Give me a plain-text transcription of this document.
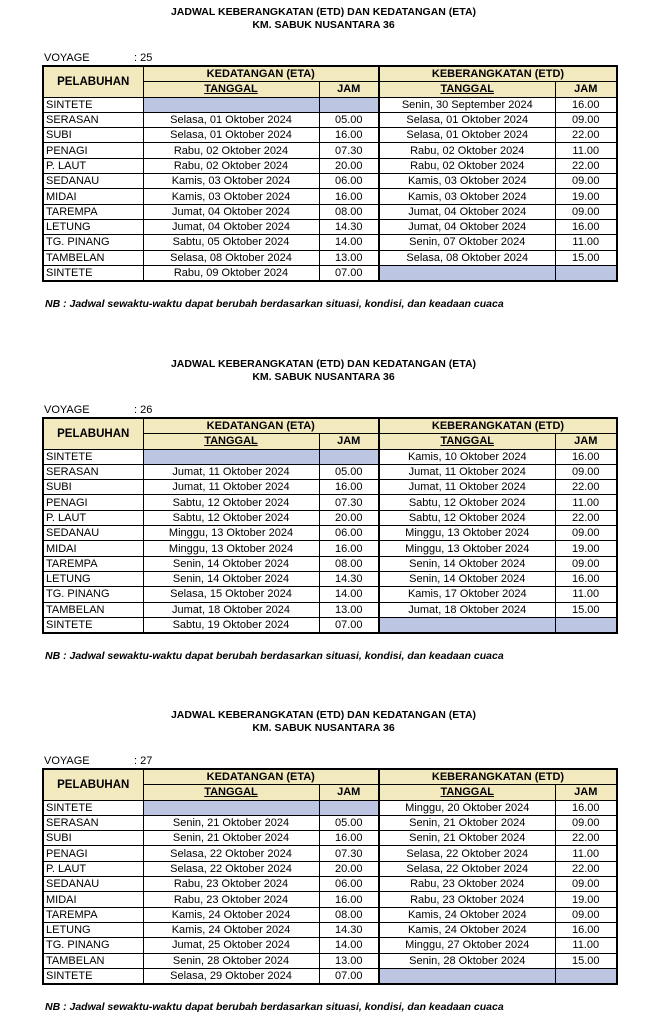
JADWAL KEBERANGKATAN (ETD) DAN KEDATANGAN (ETA)
KM. SABUK NUSANTARA 36
VOYAGE	: 25
PELABUHAN	KEDATANGAN (ETA)		KEBERANGKATAN (ETD)	
	TANGGAL	JAM	TANGGAL	JAM
SINTETE			Senin, 30 September 2024	16.00
SERASAN	Selasa, 01 Oktober 2024	05.00	Selasa, 01 Oktober 2024	09.00
SUBI	Selasa, 01 Oktober 2024	16.00	Selasa, 01 Oktober 2024	22.00
PENAGI	Rabu, 02 Oktober 2024	07.30	Rabu, 02 Oktober 2024	11.00
P. LAUT	Rabu, 02 Oktober 2024	20.00	Rabu, 02 Oktober 2024	22.00
SEDANAU	Kamis, 03 Oktober 2024	06.00	Kamis, 03 Oktober 2024	09.00
MIDAI	Kamis, 03 Oktober 2024	16.00	Kamis, 03 Oktober 2024	19.00
TAREMPA	Jumat, 04 Oktober 2024	08.00	Jumat, 04 Oktober 2024	09.00
LETUNG	Jumat, 04 Oktober 2024	14.30	Jumat, 04 Oktober 2024	16.00
TG. PINANG	Sabtu, 05 Oktober 2024	14.00	Senin, 07 Oktober 2024	11.00
TAMBELAN	Selasa, 08 Oktober 2024	13.00	Selasa, 08 Oktober 2024	15.00
SINTETE	Rabu, 09 Oktober 2024	07.00		
NB : Jadwal sewaktu-waktu dapat berubah berdasarkan situasi, kondisi, dan keadaan cuaca
JADWAL KEBERANGKATAN (ETD) DAN KEDATANGAN (ETA)
KM. SABUK NUSANTARA 36
VOYAGE	: 26
PELABUHAN	KEDATANGAN (ETA)		KEBERANGKATAN (ETD)	
	TANGGAL	JAM	TANGGAL	JAM
SINTETE			Kamis, 10 Oktober 2024	16.00
SERASAN	Jumat, 11 Oktober 2024	05.00	Jumat, 11 Oktober 2024	09.00
SUBI	Jumat, 11 Oktober 2024	16.00	Jumat, 11 Oktober 2024	22.00
PENAGI	Sabtu, 12 Oktober 2024	07.30	Sabtu, 12 Oktober 2024	11.00
P. LAUT	Sabtu, 12 Oktober 2024	20.00	Sabtu, 12 Oktober 2024	22.00
SEDANAU	Minggu, 13 Oktober 2024	06.00	Minggu, 13 Oktober 2024	09.00
MIDAI	Minggu, 13 Oktober 2024	16.00	Minggu, 13 Oktober 2024	19.00
TAREMPA	Senin, 14 Oktober 2024	08.00	Senin, 14 Oktober 2024	09.00
LETUNG	Senin, 14 Oktober 2024	14.30	Senin, 14 Oktober 2024	16.00
TG. PINANG	Selasa, 15 Oktober 2024	14.00	Kamis, 17 Oktober 2024	11.00
TAMBELAN	Jumat, 18 Oktober 2024	13.00	Jumat, 18 Oktober 2024	15.00
SINTETE	Sabtu, 19 Oktober 2024	07.00		
NB : Jadwal sewaktu-waktu dapat berubah berdasarkan situasi, kondisi, dan keadaan cuaca
JADWAL KEBERANGKATAN (ETD) DAN KEDATANGAN (ETA)
KM. SABUK NUSANTARA 36
VOYAGE	: 27
PELABUHAN	KEDATANGAN (ETA)		KEBERANGKATAN (ETD)	
	TANGGAL	JAM	TANGGAL	JAM
SINTETE			Minggu, 20 Oktober 2024	16.00
SERASAN	Senin, 21 Oktober 2024	05.00	Senin, 21 Oktober 2024	09.00
SUBI	Senin, 21 Oktober 2024	16.00	Senin, 21 Oktober 2024	22.00
PENAGI	Selasa, 22 Oktober 2024	07.30	Selasa, 22 Oktober 2024	11.00
P. LAUT	Selasa, 22 Oktober 2024	20.00	Selasa, 22 Oktober 2024	22.00
SEDANAU	Rabu, 23 Oktober 2024	06.00	Rabu, 23 Oktober 2024	09.00
MIDAI	Rabu, 23 Oktober 2024	16.00	Rabu, 23 Oktober 2024	19.00
TAREMPA	Kamis, 24 Oktober 2024	08.00	Kamis, 24 Oktober 2024	09.00
LETUNG	Kamis, 24 Oktober 2024	14.30	Kamis, 24 Oktober 2024	16.00
TG. PINANG	Jumat, 25 Oktober 2024	14.00	Minggu, 27 Oktober 2024	11.00
TAMBELAN	Senin, 28 Oktober 2024	13.00	Senin, 28 Oktober 2024	15.00
SINTETE	Selasa, 29 Oktober 2024	07.00		
NB : Jadwal sewaktu-waktu dapat berubah berdasarkan situasi, kondisi, dan keadaan cuaca
